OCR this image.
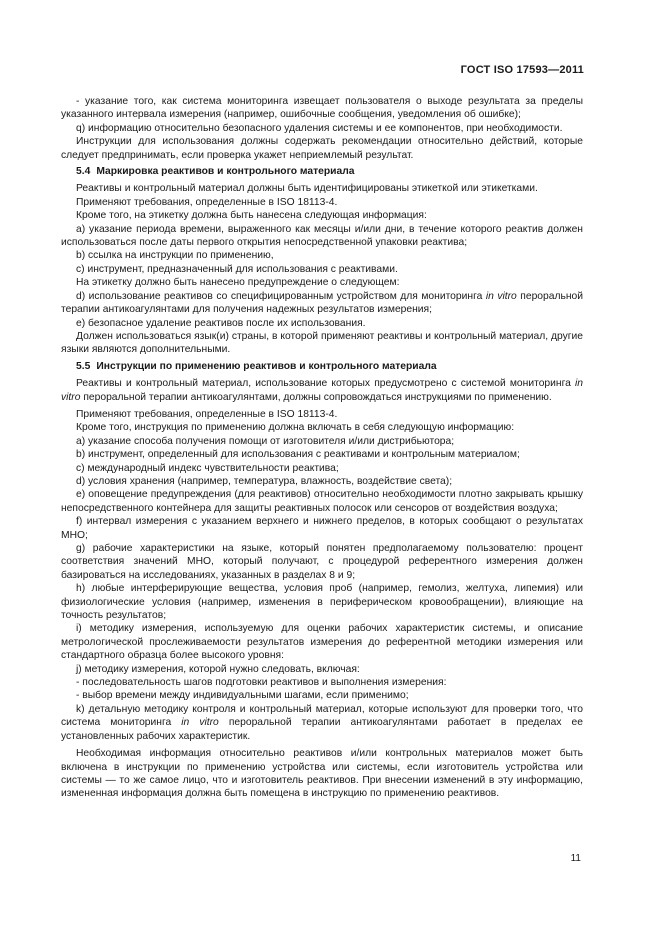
ГОСТ ISO 17593—2011

- указание того, как система мониторинга извещает пользователя о выходе результата за пределы указанного интервала измерения (например, ошибочные сообщения, уведомления об ошибке);

q) информацию относительно безопасного удаления системы и ее компонентов, при необходимости.

Инструкции для использования должны содержать рекомендации относительно действий, которые следует предпринимать, если проверка укажет неприемлемый результат.

5.4 Маркировка реактивов и контрольного материала

Реактивы и контрольный материал должны быть идентифицированы этикеткой или этикетками.

Применяют требования, определенные в ISO 18113-4.

Кроме того, на этикетку должна быть нанесена следующая информация:

a) указание периода времени, выраженного как месяцы и/или дни, в течение которого реактив должен использоваться после даты первого открытия непосредственной упаковки реактива;

b) ссылка на инструкции по применению,

c) инструмент, предназначенный для использования с реактивами.

На этикетку должно быть нанесено предупреждение о следующем:

d) использование реактивов со специфицированным устройством для мониторинга in vitro пероральной терапии антикоагулянтами для получения надежных результатов измерения;

e) безопасное удаление реактивов после их использования.

Должен использоваться язык(и) страны, в которой применяют реактивы и контрольный материал, другие языки являются дополнительными.

5.5 Инструкции по применению реактивов и контрольного материала

Реактивы и контрольный материал, использование которых предусмотрено с системой мониторинга in vitro пероральной терапии антикоагулянтами, должны сопровождаться инструкциями по применению.

Применяют требования, определенные в ISO 18113-4.

Кроме того, инструкция по применению должна включать в себя следующую информацию:

a) указание способа получения помощи от изготовителя и/или дистрибьютора;

b) инструмент, определенный для использования с реактивами и контрольным материалом;

c) международный индекс чувствительности реактива;

d) условия хранения (например, температура, влажность, воздействие света);

e) оповещение предупреждения (для реактивов) относительно необходимости плотно закрывать крышку непосредственного контейнера для защиты реактивных полосок или сенсоров от воздействия воздуха;

f) интервал измерения с указанием верхнего и нижнего пределов, в которых сообщают о результатах МНО;

g) рабочие характеристики на языке, который понятен предполагаемому пользователю: процент соответствия значений МНО, который получают, с процедурой референтного измерения должен базироваться на исследованиях, указанных в разделах 8 и 9;

h) любые интерферирующие вещества, условия проб (например, гемолиз, желтуха, липемия) или физиологические условия (например, изменения в периферическом кровообращении), влияющие на точность результатов;

i) методику измерения, используемую для оценки рабочих характеристик системы, и описание метрологической прослеживаемости результатов измерения до референтной методики измерения или стандартного образца более высокого уровня:

j) методику измерения, которой нужно следовать, включая:

- последовательность шагов подготовки реактивов и выполнения измерения:

- выбор времени между индивидуальными шагами, если применимо;

k) детальную методику контроля и контрольный материал, которые используют для проверки того, что система мониторинга in vitro пероральной терапии антикоагулянтами работает в пределах ее установленных рабочих характеристик.

Необходимая информация относительно реактивов и/или контрольных материалов может быть включена в инструкции по применению устройства или системы, если изготовитель устройства или системы — то же самое лицо, что и изготовитель реактивов. При внесении изменений в эту информацию, измененная информация должна быть помещена в инструкцию по применению реактивов.

11
